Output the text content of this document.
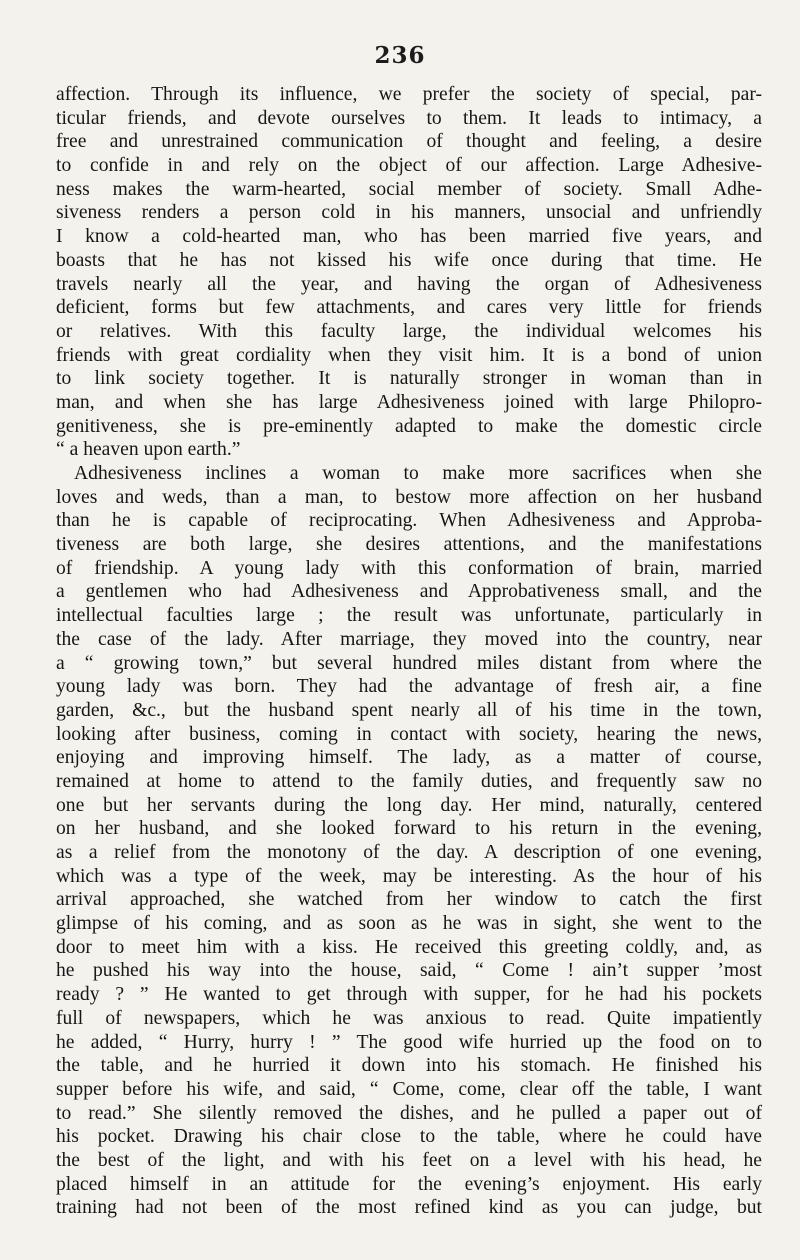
236
affection. Through its influence, we prefer the society of special, par-
ticular friends, and devote ourselves to them. It leads to intimacy, a
free and unrestrained communication of thought and feeling, a desire
to confide in and rely on the object of our affection. Large Adhesive-
ness makes the warm-hearted, social member of society. Small Adhe-
siveness renders a person cold in his manners, unsocial and unfriendly
I know a cold-hearted man, who has been married five years, and
boasts that he has not kissed his wife once during that time. He
travels nearly all the year, and having the organ of Adhesiveness
deficient, forms but few attachments, and cares very little for friends
or relatives. With this faculty large, the individual welcomes his
friends with great cordiality when they visit him. It is a bond of union
to link society together. It is naturally stronger in woman than in
man, and when she has large Adhesiveness joined with large Philopro-
genitiveness, she is pre-eminently adapted to make the domestic circle
“ a heaven upon earth.”
Adhesiveness inclines a woman to make more sacrifices when she
loves and weds, than a man, to bestow more affection on her husband
than he is capable of reciprocating. When Adhesiveness and Approba-
tiveness are both large, she desires attentions, and the manifestations
of friendship. A young lady with this conformation of brain, married
a gentlemen who had Adhesiveness and Approbativeness small, and the
intellectual faculties large ; the result was unfortunate, particularly in
the case of the lady. After marriage, they moved into the country, near
a “ growing town,” but several hundred miles distant from where the
young lady was born. They had the advantage of fresh air, a fine
garden, &c., but the husband spent nearly all of his time in the town,
looking after business, coming in contact with society, hearing the news,
enjoying and improving himself. The lady, as a matter of course,
remained at home to attend to the family duties, and frequently saw no
one but her servants during the long day. Her mind, naturally, centered
on her husband, and she looked forward to his return in the evening,
as a relief from the monotony of the day. A description of one evening,
which was a type of the week, may be interesting. As the hour of his
arrival approached, she watched from her window to catch the first
glimpse of his coming, and as soon as he was in sight, she went to the
door to meet him with a kiss. He received this greeting coldly, and, as
he pushed his way into the house, said, “ Come ! ain’t supper ’most
ready ? ” He wanted to get through with supper, for he had his pockets
full of newspapers, which he was anxious to read. Quite impatiently
he added, “ Hurry, hurry ! ” The good wife hurried up the food on to
the table, and he hurried it down into his stomach. He finished his
supper before his wife, and said, “ Come, come, clear off the table, I want
to read.” She silently removed the dishes, and he pulled a paper out of
his pocket. Drawing his chair close to the table, where he could have
the best of the light, and with his feet on a level with his head, he
placed himself in an attitude for the evening’s enjoyment. His early
training had not been of the most refined kind as you can judge, but
